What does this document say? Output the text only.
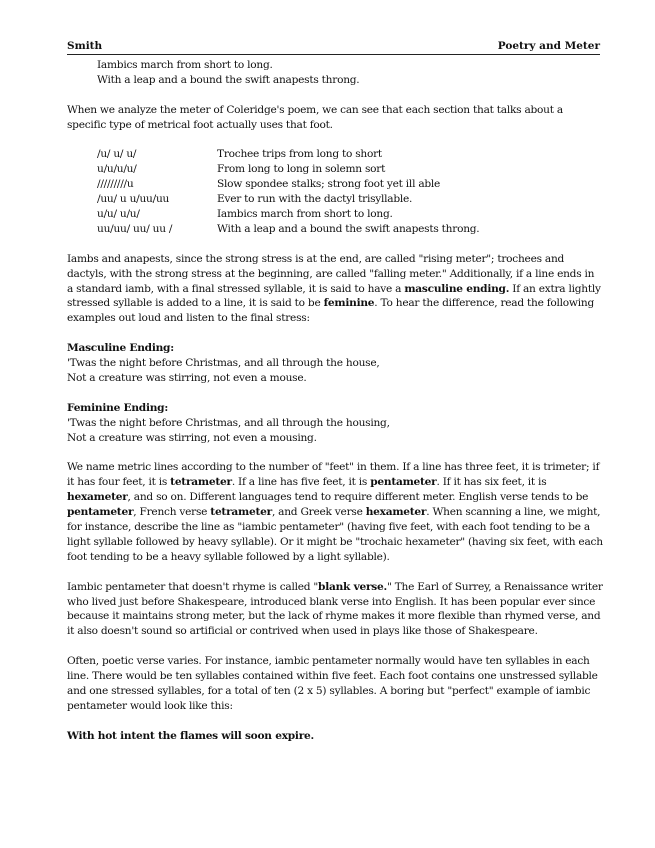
Smith	Poetry and Meter

Iambics march from short to long.

With a leap and a bound the swift anapests throng.

When we analyze the meter of Coleridge's poem, we can see that each section that talks about a specific type of metrical foot actually uses that foot.

/u/ u/ u/	Trochee trips from long to short
u/u/u/u/	From long to long in solemn sort
/////////u	Slow spondee stalks; strong foot yet ill able
/uu/ u u/uu/uu	Ever to run with the dactyl trisyllable.
u/u/ u/u/	Iambics march from short to long.
uu/uu/ uu/ uu /	With a leap and a bound the swift anapests throng.

Iambs and anapests, since the strong stress is at the end, are called "rising meter"; trochees and dactyls, with the strong stress at the beginning, are called "falling meter." Additionally, if a line ends in a standard iamb, with a final stressed syllable, it is said to have a masculine ending. If an extra lightly stressed syllable is added to a line, it is said to be feminine. To hear the difference, read the following examples out loud and listen to the final stress:

Masculine Ending:

'Twas the night before Christmas, and all through the house,

Not a creature was stirring, not even a mouse.

Feminine Ending:

'Twas the night before Christmas, and all through the housing,

Not a creature was stirring, not even a mousing.

We name metric lines according to the number of "feet" in them. If a line has three feet, it is trimeter; if it has four feet, it is tetrameter. If a line has five feet, it is pentameter. If it has six feet, it is hexameter, and so on. Different languages tend to require different meter. English verse tends to be pentameter, French verse tetrameter, and Greek verse hexameter. When scanning a line, we might, for instance, describe the line as "iambic pentameter" (having five feet, with each foot tending to be a light syllable followed by heavy syllable). Or it might be "trochaic hexameter" (having six feet, with each foot tending to be a heavy syllable followed by a light syllable).

Iambic pentameter that doesn't rhyme is called "blank verse." The Earl of Surrey, a Renaissance writer who lived just before Shakespeare, introduced blank verse into English. It has been popular ever since because it maintains strong meter, but the lack of rhyme makes it more flexible than rhymed verse, and it also doesn't sound so artificial or contrived when used in plays like those of Shakespeare.

Often, poetic verse varies. For instance, iambic pentameter normally would have ten syllables in each line. There would be ten syllables contained within five feet. Each foot contains one unstressed syllable and one stressed syllables, for a total of ten (2 x 5) syllables. A boring but "perfect" example of iambic pentameter would look like this:

With hot intent the flames will soon expire.
